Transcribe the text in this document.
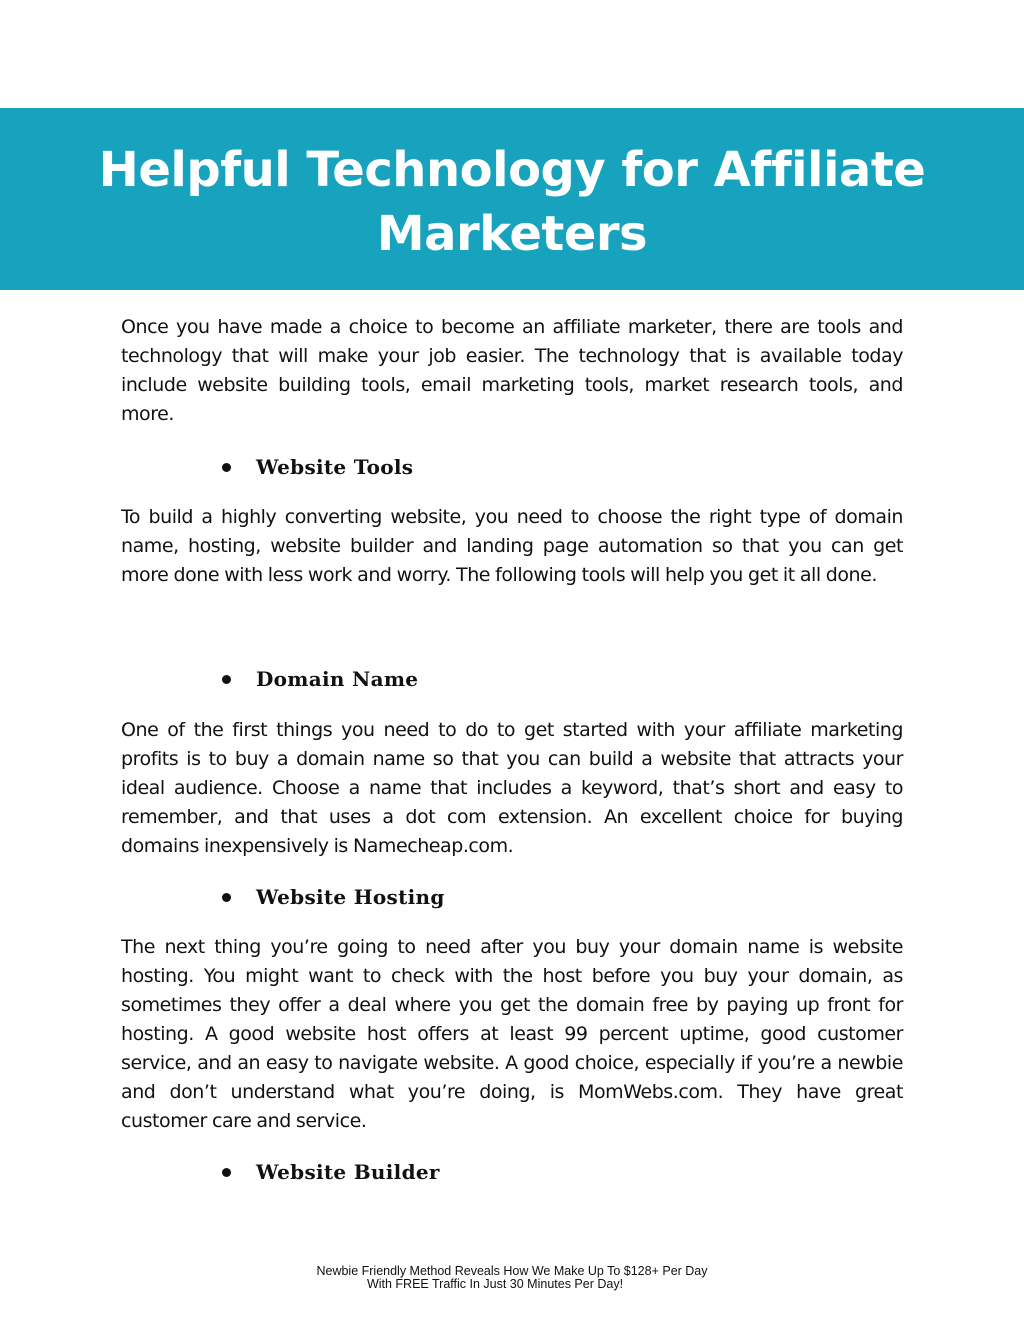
Helpful Technology for Affiliate
Marketers

Once you have made a choice to become an affiliate marketer, there are tools and technology that will make your job easier. The technology that is available today include website building tools, email marketing tools, market research tools, and more.

Website Tools

To build a highly converting website, you need to choose the right type of domain name, hosting, website builder and landing page automation so that you can get more done with less work and worry. The following tools will help you get it all done.

Domain Name

One of the first things you need to do to get started with your affiliate marketing profits is to buy a domain name so that you can build a website that attracts your ideal audience. Choose a name that includes a keyword, that’s short and easy to remember, and that uses a dot com extension. An excellent choice for buying domains inexpensively is Namecheap.com.

Website Hosting

The next thing you’re going to need after you buy your domain name is website hosting. You might want to check with the host before you buy your domain, as sometimes they offer a deal where you get the domain free by paying up front for hosting. A good website host offers at least 99 percent uptime, good customer service, and an easy to navigate website. A good choice, especially if you’re a newbie and don’t understand what you’re doing, is MomWebs.com. They have great customer care and service.

Website Builder
Newbie Friendly Method Reveals How We Make Up To $128+ Per Day
With FREE Traffic In Just 30 Minutes Per Day!
